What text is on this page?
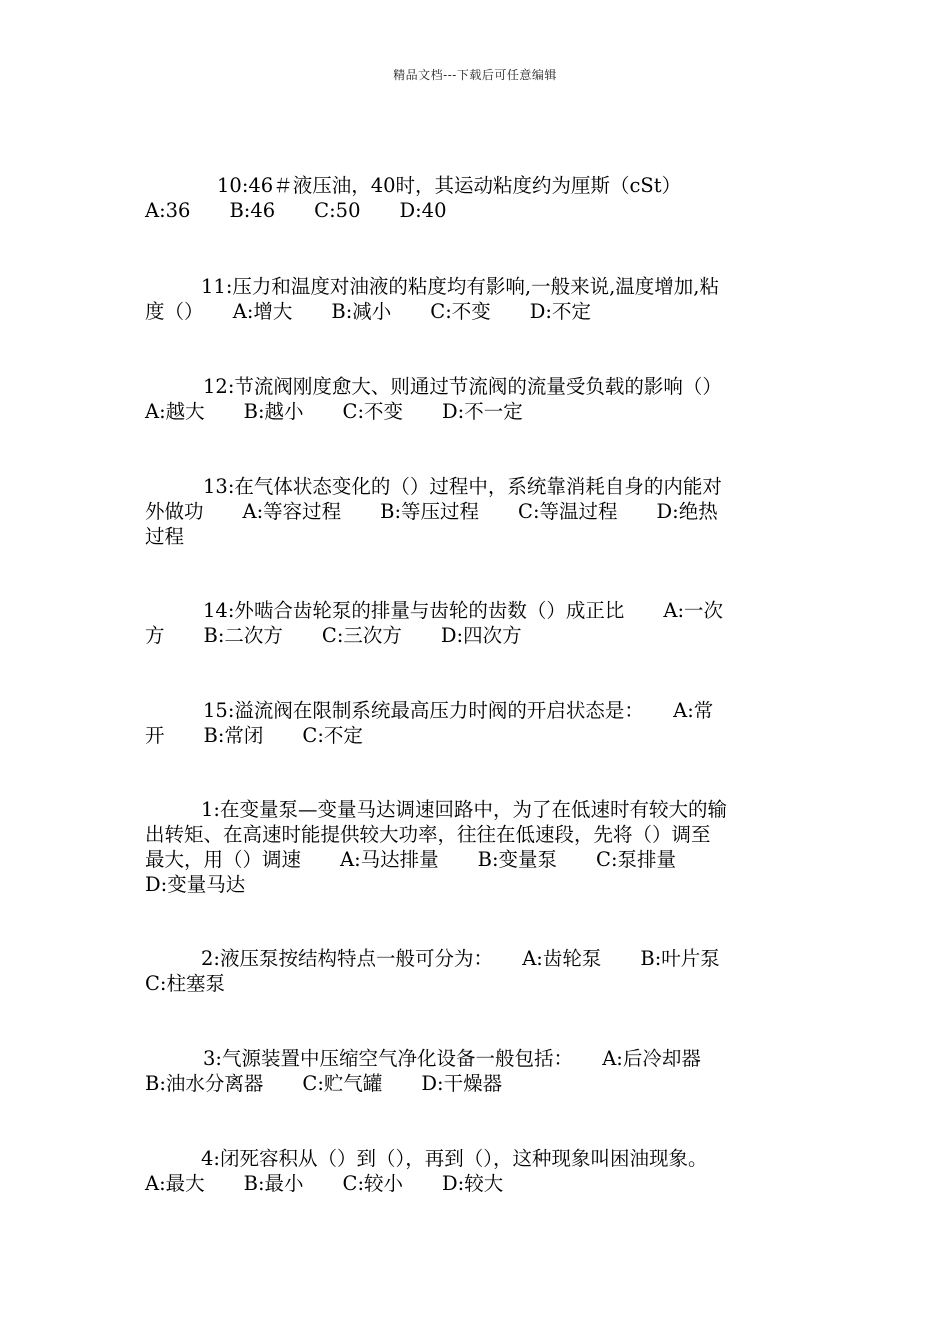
精品文档---下载后可任意编辑

10:46＃液压油，40时，其运动粘度约为厘斯（cSt）

A:36　　B:46　　C:50　　D:40

11:压力和温度对油液的粘度均有影响,一般来说,温度增加,粘

度（）　　A:增大　　B:减小　　C:不变　　D:不定

12:节流阀刚度愈大、则通过节流阀的流量受负载的影响（）

A:越大　　B:越小　　C:不变　　D:不一定

13:在气体状态变化的（）过程中，系统靠消耗自身的内能对

外做功　　A:等容过程　　B:等压过程　　C:等温过程　　D:绝热

过程

14:外啮合齿轮泵的排量与齿轮的齿数（）成正比　　A:一次

方　　B:二次方　　C:三次方　　D:四次方

15:溢流阀在限制系统最高压力时阀的开启状态是：　　A:常

开　　B:常闭　　C:不定

1:在变量泵—变量马达调速回路中，为了在低速时有较大的输

出转矩、在高速时能提供较大功率，往往在低速段，先将（）调至

最大，用（）调速　　A:马达排量　　B:变量泵　　C:泵排量

D:变量马达

2:液压泵按结构特点一般可分为：　　A:齿轮泵　　B:叶片泵

C:柱塞泵

3:气源装置中压缩空气净化设备一般包括：　　A:后冷却器

B:油水分离器　　C:贮气罐　　D:干燥器

4:闭死容积从（）到（），再到（），这种现象叫困油现象。

A:最大　　B:最小　　C:较小　　D:较大
